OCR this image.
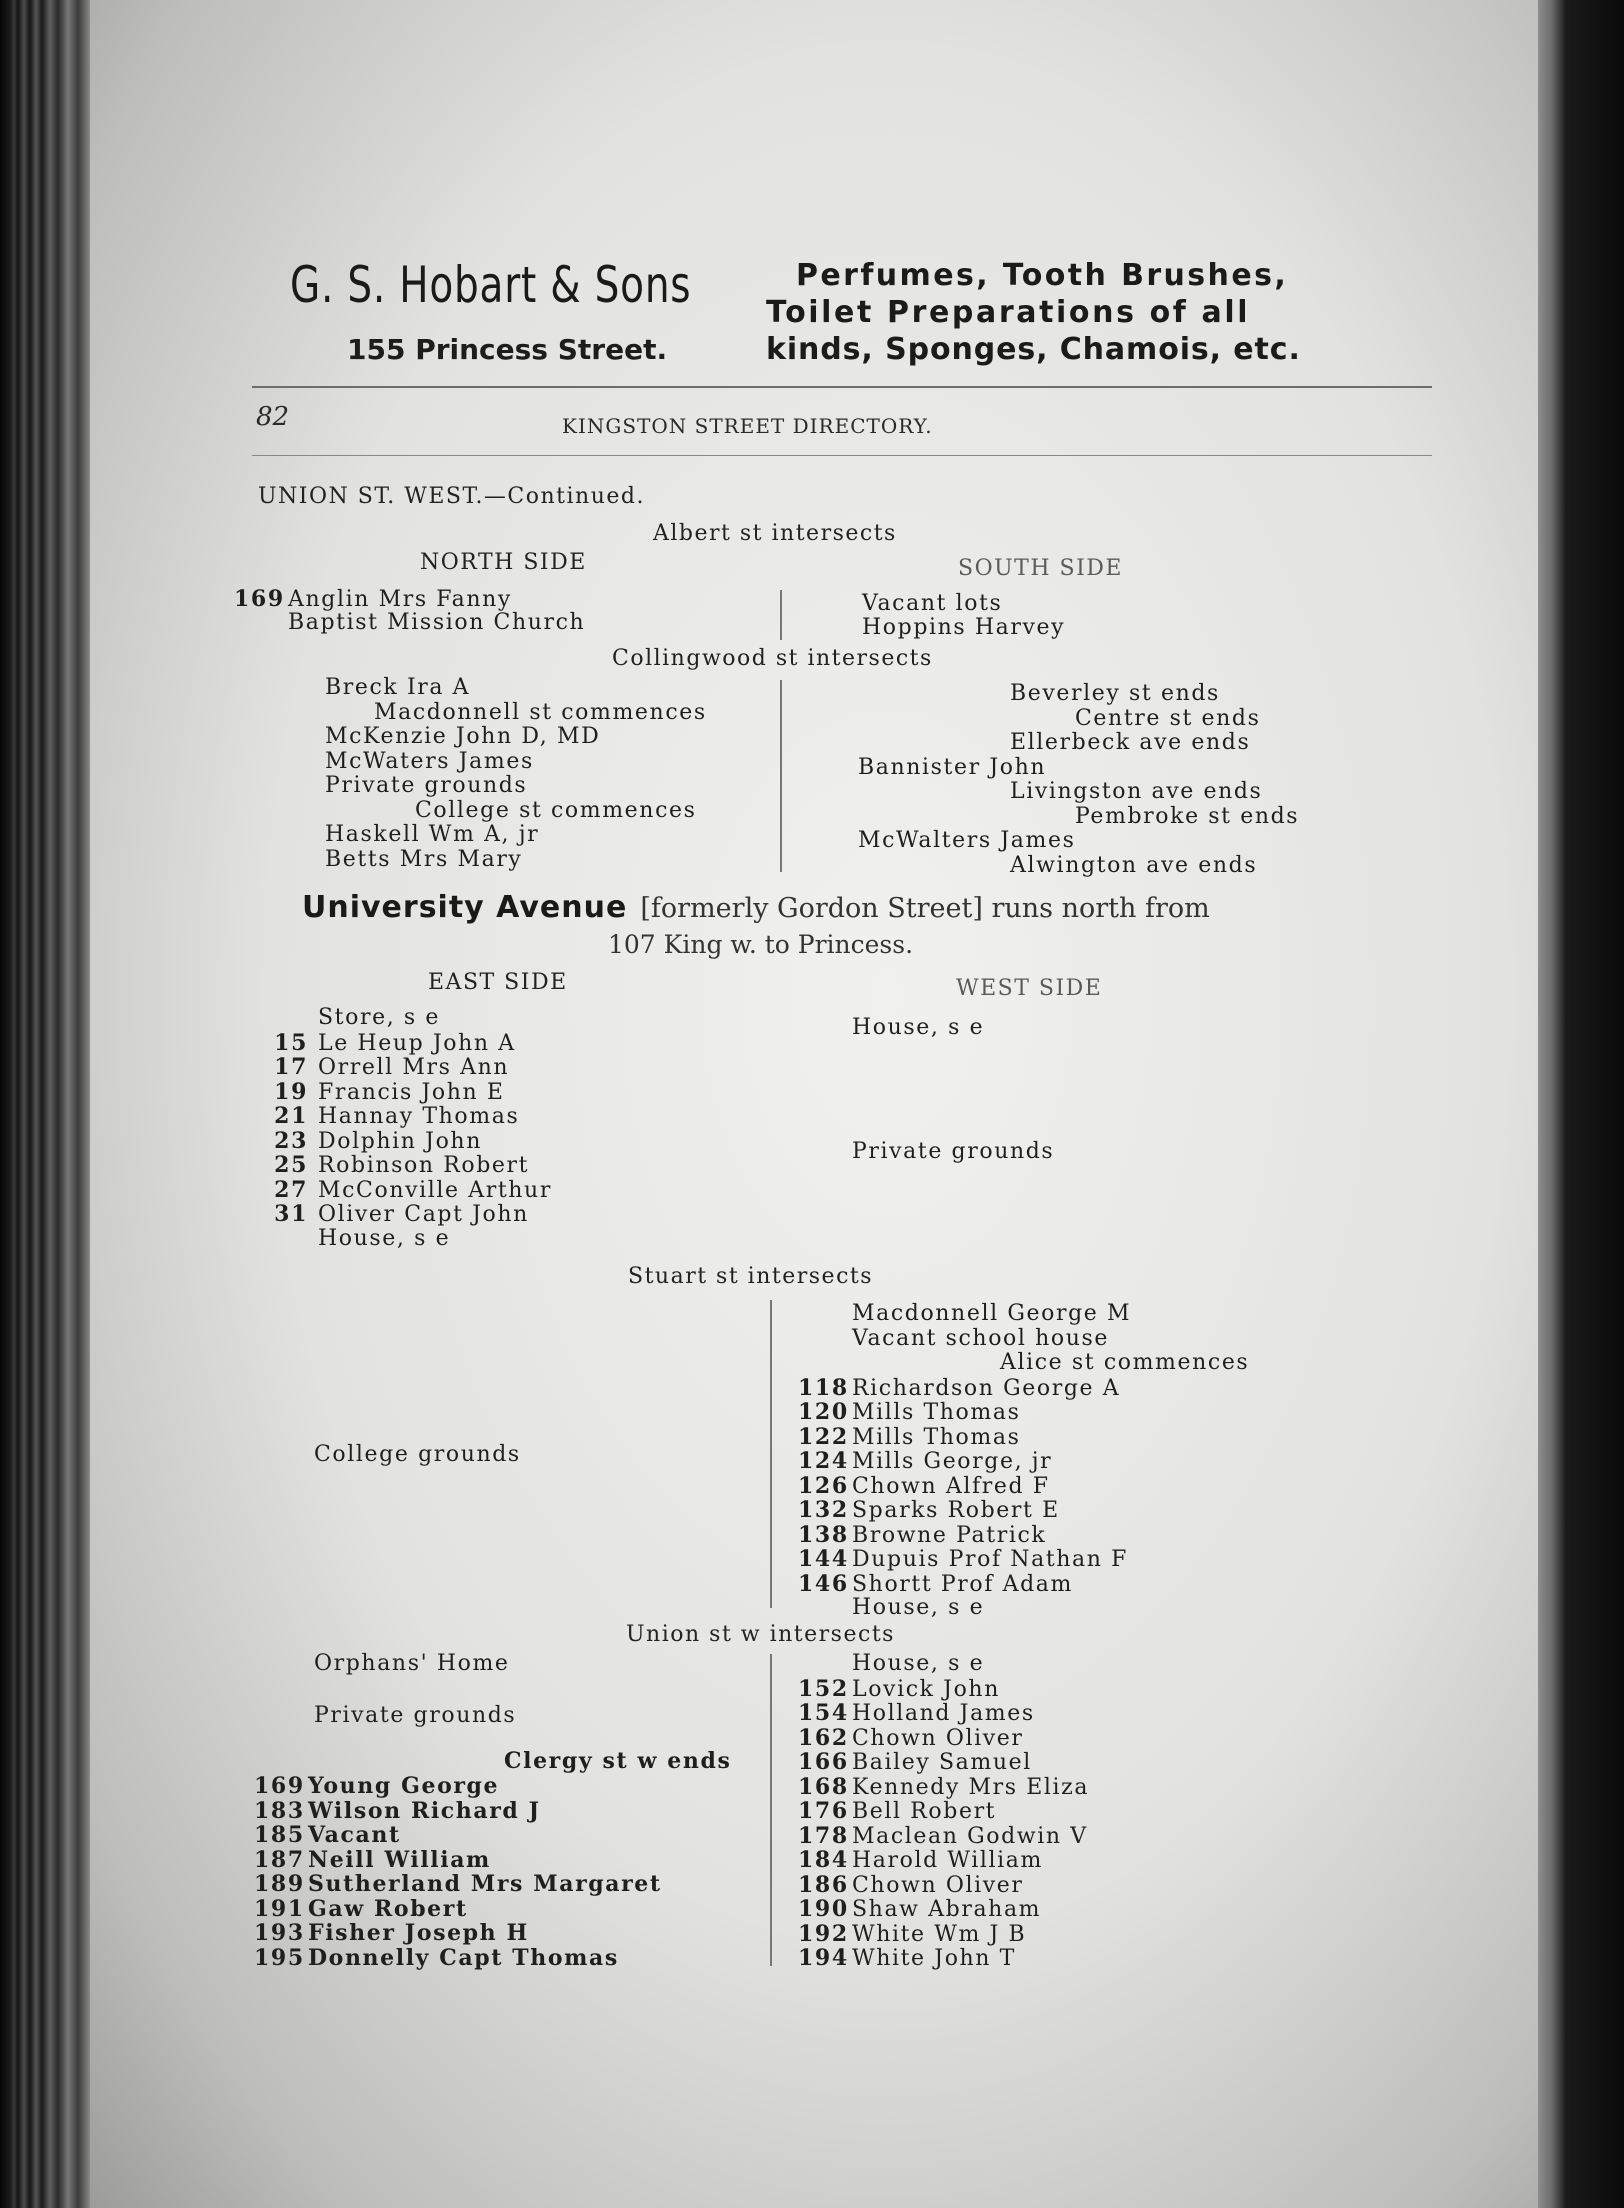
G. S. Hobart & Sons
155 Princess Street.
Perfumes, Tooth Brushes,
Toilet Preparations of all
kinds, Sponges, Chamois, etc.
82	KINGSTON STREET DIRECTORY.
UNION ST. WEST.—Continued.
Albert st intersects
NORTH SIDE	SOUTH SIDE
169 Anglin Mrs Fanny
Baptist Mission Church
Vacant lots
Hoppins Harvey
Collingwood st intersects
Breck Ira A
Macdonnell st commences
McKenzie John D, MD
McWaters James
Private grounds
College st commences
Haskell Wm A, jr
Betts Mrs Mary
Beverley st ends
Centre st ends
Ellerbeck ave ends
Bannister John
Livingston ave ends
Pembroke st ends
McWalters James
Alwington ave ends
University Avenue [formerly Gordon Street] runs north from
107 King w. to Princess.
EAST SIDE	WEST SIDE
Store, s e
15 Le Heup John A
17 Orrell Mrs Ann
19 Francis John E
21 Hannay Thomas
23 Dolphin John
25 Robinson Robert
27 McConville Arthur
31 Oliver Capt John
House, s e
House, s e
Private grounds
Stuart st intersects
College grounds
Macdonnell George M
Vacant school house
Alice st commences
118 Richardson George A
120 Mills Thomas
122 Mills Thomas
124 Mills George, jr
126 Chown Alfred F
132 Sparks Robert E
138 Browne Patrick
144 Dupuis Prof Nathan F
146 Shortt Prof Adam
House, s e
Union st w intersects
Orphans' Home
Private grounds
Clergy st w ends
169 Young George
183 Wilson Richard J
185 Vacant
187 Neill William
189 Sutherland Mrs Margaret
191 Gaw Robert
193 Fisher Joseph H
195 Donnelly Capt Thomas
House, s e
152 Lovick John
154 Holland James
162 Chown Oliver
166 Bailey Samuel
168 Kennedy Mrs Eliza
176 Bell Robert
178 Maclean Godwin V
184 Harold William
186 Chown Oliver
190 Shaw Abraham
192 White Wm J B
194 White John T
